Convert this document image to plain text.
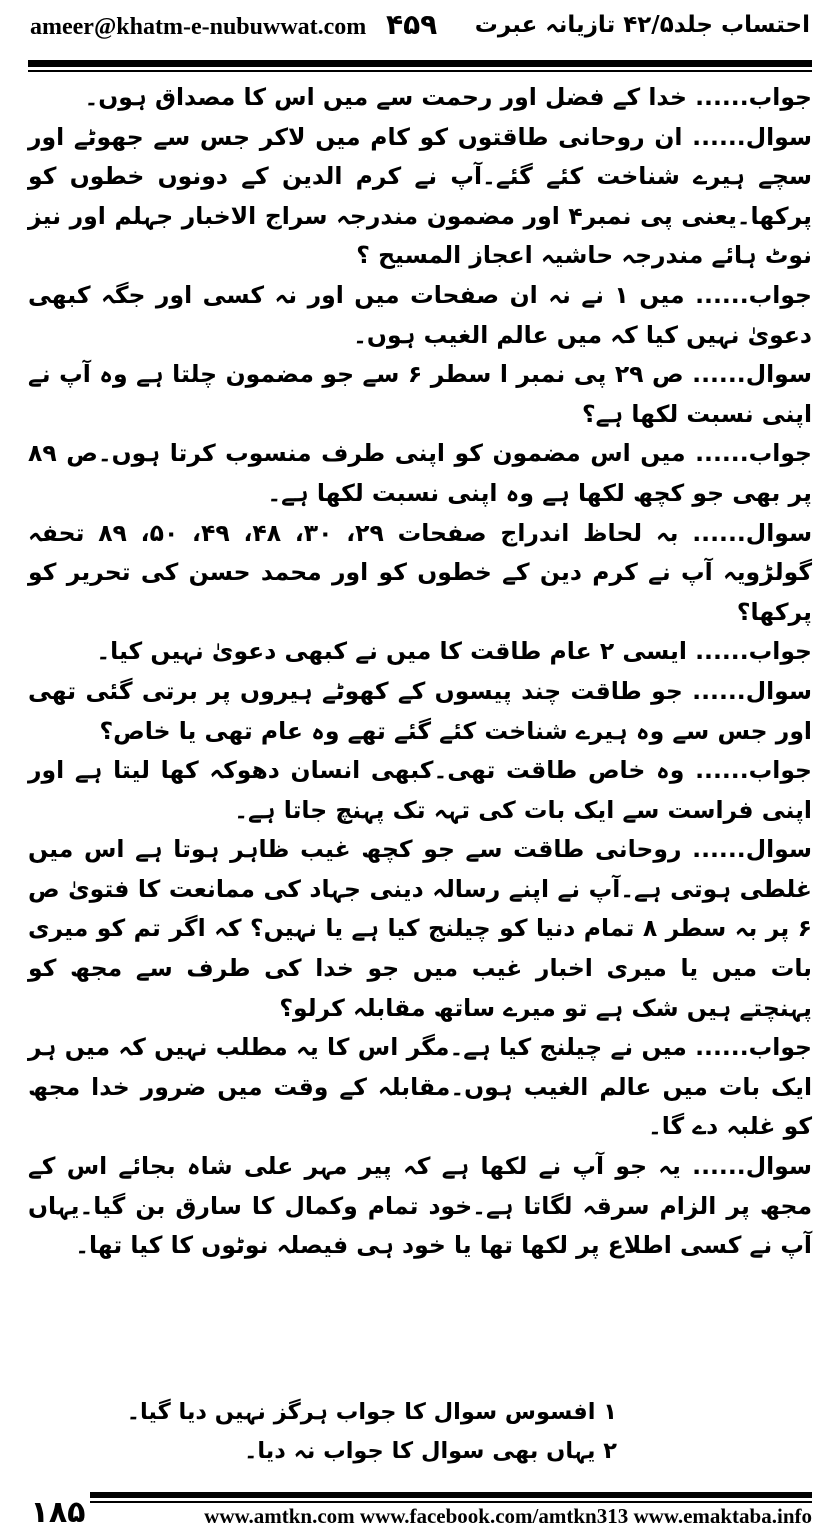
ameer@khatm-e-nubuwwat.com ۴۵۹ احتساب جلد۴۲/۵ تازیانہ عبرت

جواب...... خدا کے فضل اور رحمت سے میں اس کا مصداق ہوں۔

سوال...... ان روحانی طاقتوں کو کام میں لاکر جس سے جھوٹے اور سچے ہیرے شناخت کئے گئے۔آپ نے کرم الدین کے دونوں خطوں کو پرکھا۔یعنی پی نمبر۴ اور مضمون مندرجہ سراج الاخبار جہلم اور نیز نوٹ ہائے مندرجہ حاشیہ اعجاز المسیح ؟

جواب...... میں ۱ نے نہ ان صفحات میں اور نہ کسی اور جگہ کبھی دعویٰ نہیں کیا کہ میں عالم الغیب ہوں۔

سوال...... ص ۲۹ پی نمبر ا سطر ۶ سے جو مضمون چلتا ہے وہ آپ نے اپنی نسبت لکھا ہے؟

جواب...... میں اس مضمون کو اپنی طرف منسوب کرتا ہوں۔ص ۸۹ پر بھی جو کچھ لکھا ہے وہ اپنی نسبت لکھا ہے۔

سوال...... بہ لحاظ اندراج صفحات ۲۹، ۳۰، ۴۸، ۴۹، ۵۰، ۸۹ تحفہ گولڑویہ آپ نے کرم دین کے خطوں کو اور محمد حسن کی تحریر کو پرکھا؟

جواب...... ایسی ۲ عام طاقت کا میں نے کبھی دعویٰ نہیں کیا۔

سوال...... جو طاقت چند پیسوں کے کھوٹے ہیروں پر برتی گئی تھی اور جس سے وہ ہیرے شناخت کئے گئے تھے وہ عام تھی یا خاص؟

جواب...... وہ خاص طاقت تھی۔کبھی انسان دھوکہ کھا لیتا ہے اور اپنی فراست سے ایک بات کی تہہ تک پہنچ جاتا ہے۔

سوال...... روحانی طاقت سے جو کچھ غیب ظاہر ہوتا ہے اس میں غلطی ہوتی ہے۔آپ نے اپنے رسالہ دینی جہاد کی ممانعت کا فتویٰ ص ۶ پر بہ سطر ۸ تمام دنیا کو چیلنج کیا ہے یا نہیں؟ کہ اگر تم کو میری بات میں یا میری اخبار غیب میں جو خدا کی طرف سے مجھ کو پہنچتے ہیں شک ہے تو میرے ساتھ مقابلہ کرلو؟

جواب...... میں نے چیلنج کیا ہے۔مگر اس کا یہ مطلب نہیں کہ میں ہر ایک بات میں عالم الغیب ہوں۔مقابلہ کے وقت میں ضرور خدا مجھ کو غلبہ دے گا۔

سوال...... یہ جو آپ نے لکھا ہے کہ پیر مہر علی شاہ بجائے اس کے مجھ پر الزام سرقہ لگاتا ہے۔خود تمام وکمال کا سارق بن گیا۔یہاں آپ نے کسی اطلاع پر لکھا تھا یا خود ہی فیصلہ نوٹوں کا کیا تھا۔

۱ افسوس سوال کا جواب ہرگز نہیں دیا گیا۔

۲ یہاں بھی سوال کا جواب نہ دیا۔

۱۸۵	www.amtkn.com www.facebook.com/amtkn313 www.emaktaba.info
